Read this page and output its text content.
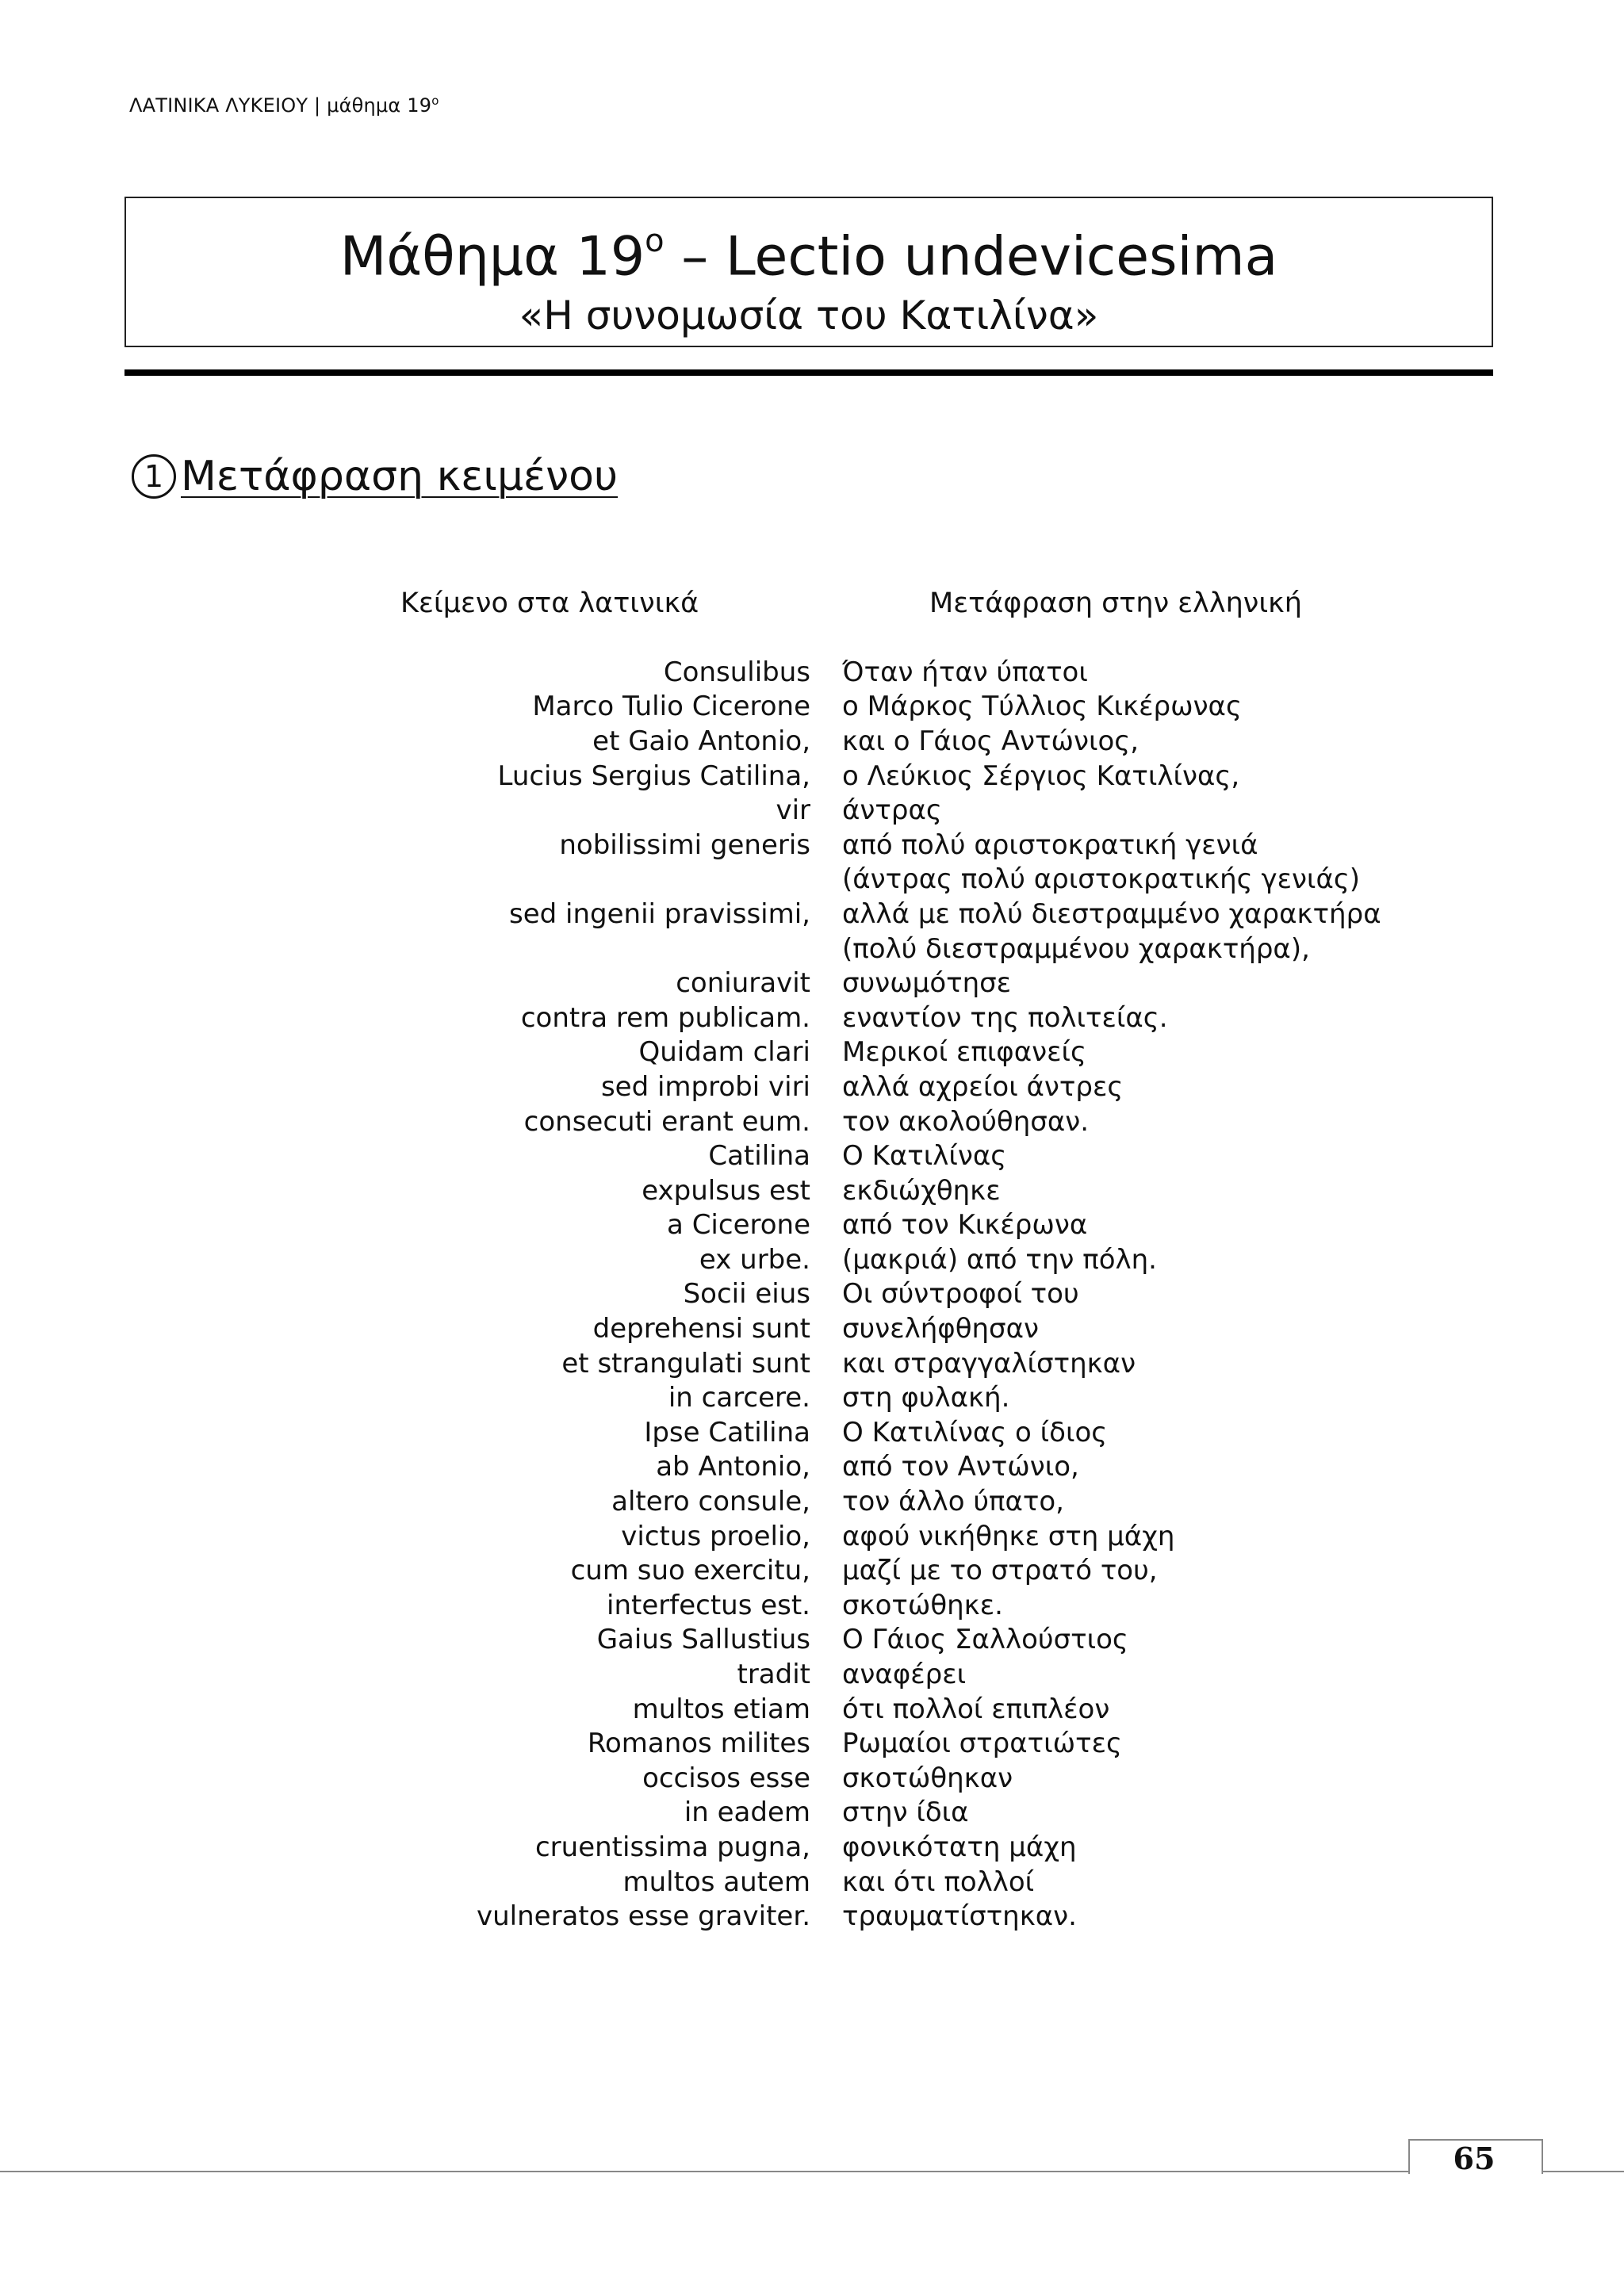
ΛΑΤΙΝΙΚΑ ΛΥΚΕΙΟΥ | μάθημα $19^o$
Μάθημα $19^o$ – Lectio undevicesima
«Η συνομωσία του Κατιλίνα»
1 Μετάφραση κειμένου
Κείμενο στα λατινικά	Μετάφραση στην ελληνική
Consulibus Όταν ήταν ύπατοι
Marco Tulio Cicerone ο Μάρκος Τύλλιος Κικέρωνας
et Gaio Antonio, και ο Γάιος Αντώνιος,
Lucius Sergius Catilina, ο Λεύκιος Σέργιος Κατιλίνας,
vir άντρας
nobilissimi generis από πολύ αριστοκρατική γενιά
(άντρας πολύ αριστοκρατικής γενιάς)
sed ingenii pravissimi, αλλά με πολύ διεστραμμένο χαρακτήρα
(πολύ διεστραμμένου χαρακτήρα),
coniuravit συνωμότησε
contra rem publicam. εναντίον της πολιτείας.
Quidam clari Μερικοί επιφανείς
sed improbi viri αλλά αχρείοι άντρες
consecuti erant eum. τον ακολούθησαν.
Catilina Ο Κατιλίνας
expulsus est εκδιώχθηκε
a Cicerone από τον Κικέρωνα
ex urbe. (μακριά) από την πόλη.
Socii eius Οι σύντροφοί του
deprehensi sunt συνελήφθησαν
et strangulati sunt και στραγγαλίστηκαν
in carcere. στη φυλακή.
Ipse Catilina Ο Κατιλίνας ο ίδιος
ab Antonio, από τον Αντώνιο,
altero consule, τον άλλο ύπατο,
victus proelio, αφού νικήθηκε στη μάχη
cum suo exercitu, μαζί με το στρατό του,
interfectus est. σκοτώθηκε.
Gaius Sallustius Ο Γάιος Σαλλούστιος
tradit αναφέρει
multos etiam ότι πολλοί επιπλέον
Romanos milites Ρωμαίοι στρατιώτες
occisos esse σκοτώθηκαν
in eadem στην ίδια
cruentissima pugna, φονικότατη μάχη
multos autem και ότι πολλοί
vulneratos esse graviter. τραυματίστηκαν.
65
